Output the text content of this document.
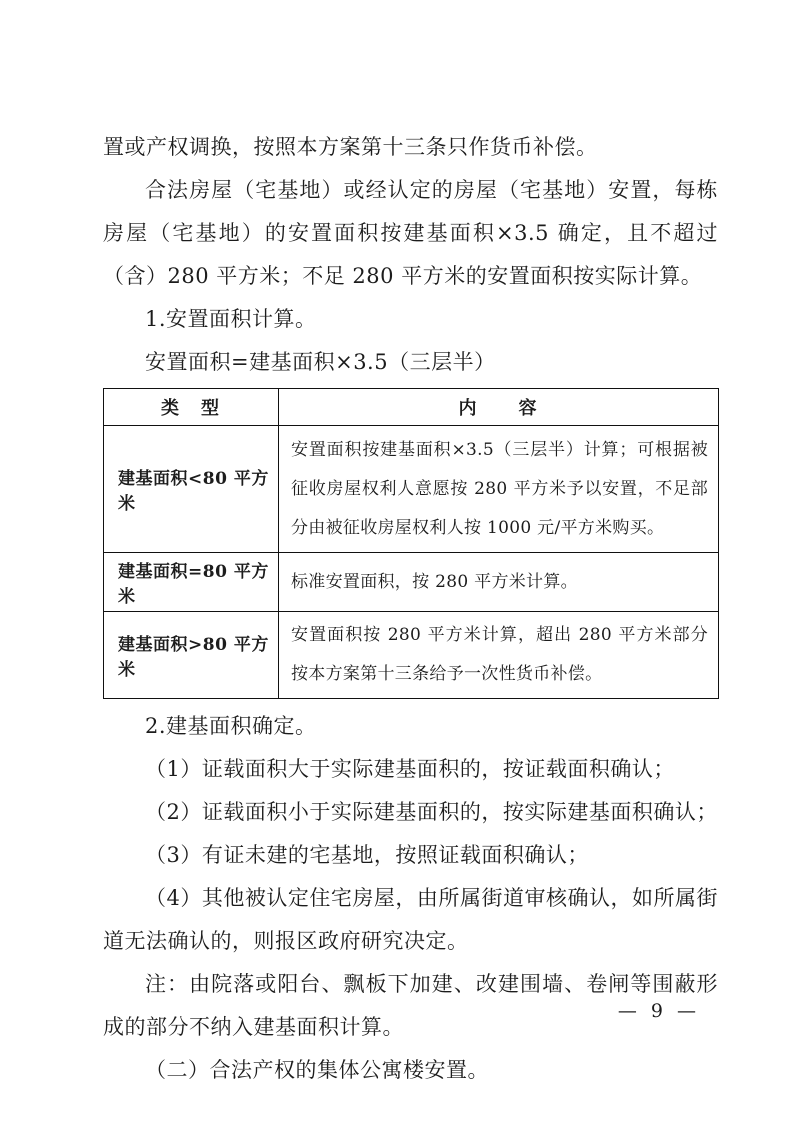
置或产权调换，按照本方案第十三条只作货币补偿。

合法房屋（宅基地）或经认定的房屋（宅基地）安置，每栋房屋（宅基地）的安置面积按建基面积×3.5 确定，且不超过（含）280 平方米；不足 280 平方米的安置面积按实际计算。

1.安置面积计算。

安置面积=建基面积×3.5（三层半）

类　型	内　　容
建基面积<80 平方米	安置面积按建基面积×3.5（三层半）计算；可根据被征收房屋权利人意愿按 280 平方米予以安置，不足部分由被征收房屋权利人按 1000 元/平方米购买。
建基面积=80 平方米	标准安置面积，按 280 平方米计算。
建基面积>80 平方米	安置面积按 280 平方米计算，超出 280 平方米部分按本方案第十三条给予一次性货币补偿。

2.建基面积确定。

（1）证载面积大于实际建基面积的，按证载面积确认；

（2）证载面积小于实际建基面积的，按实际建基面积确认；

（3）有证未建的宅基地，按照证载面积确认；

（4）其他被认定住宅房屋，由所属街道审核确认，如所属街道无法确认的，则报区政府研究决定。

注：由院落或阳台、飘板下加建、改建围墙、卷闸等围蔽形成的部分不纳入建基面积计算。

（二）合法产权的集体公寓楼安置。

— 9 —
